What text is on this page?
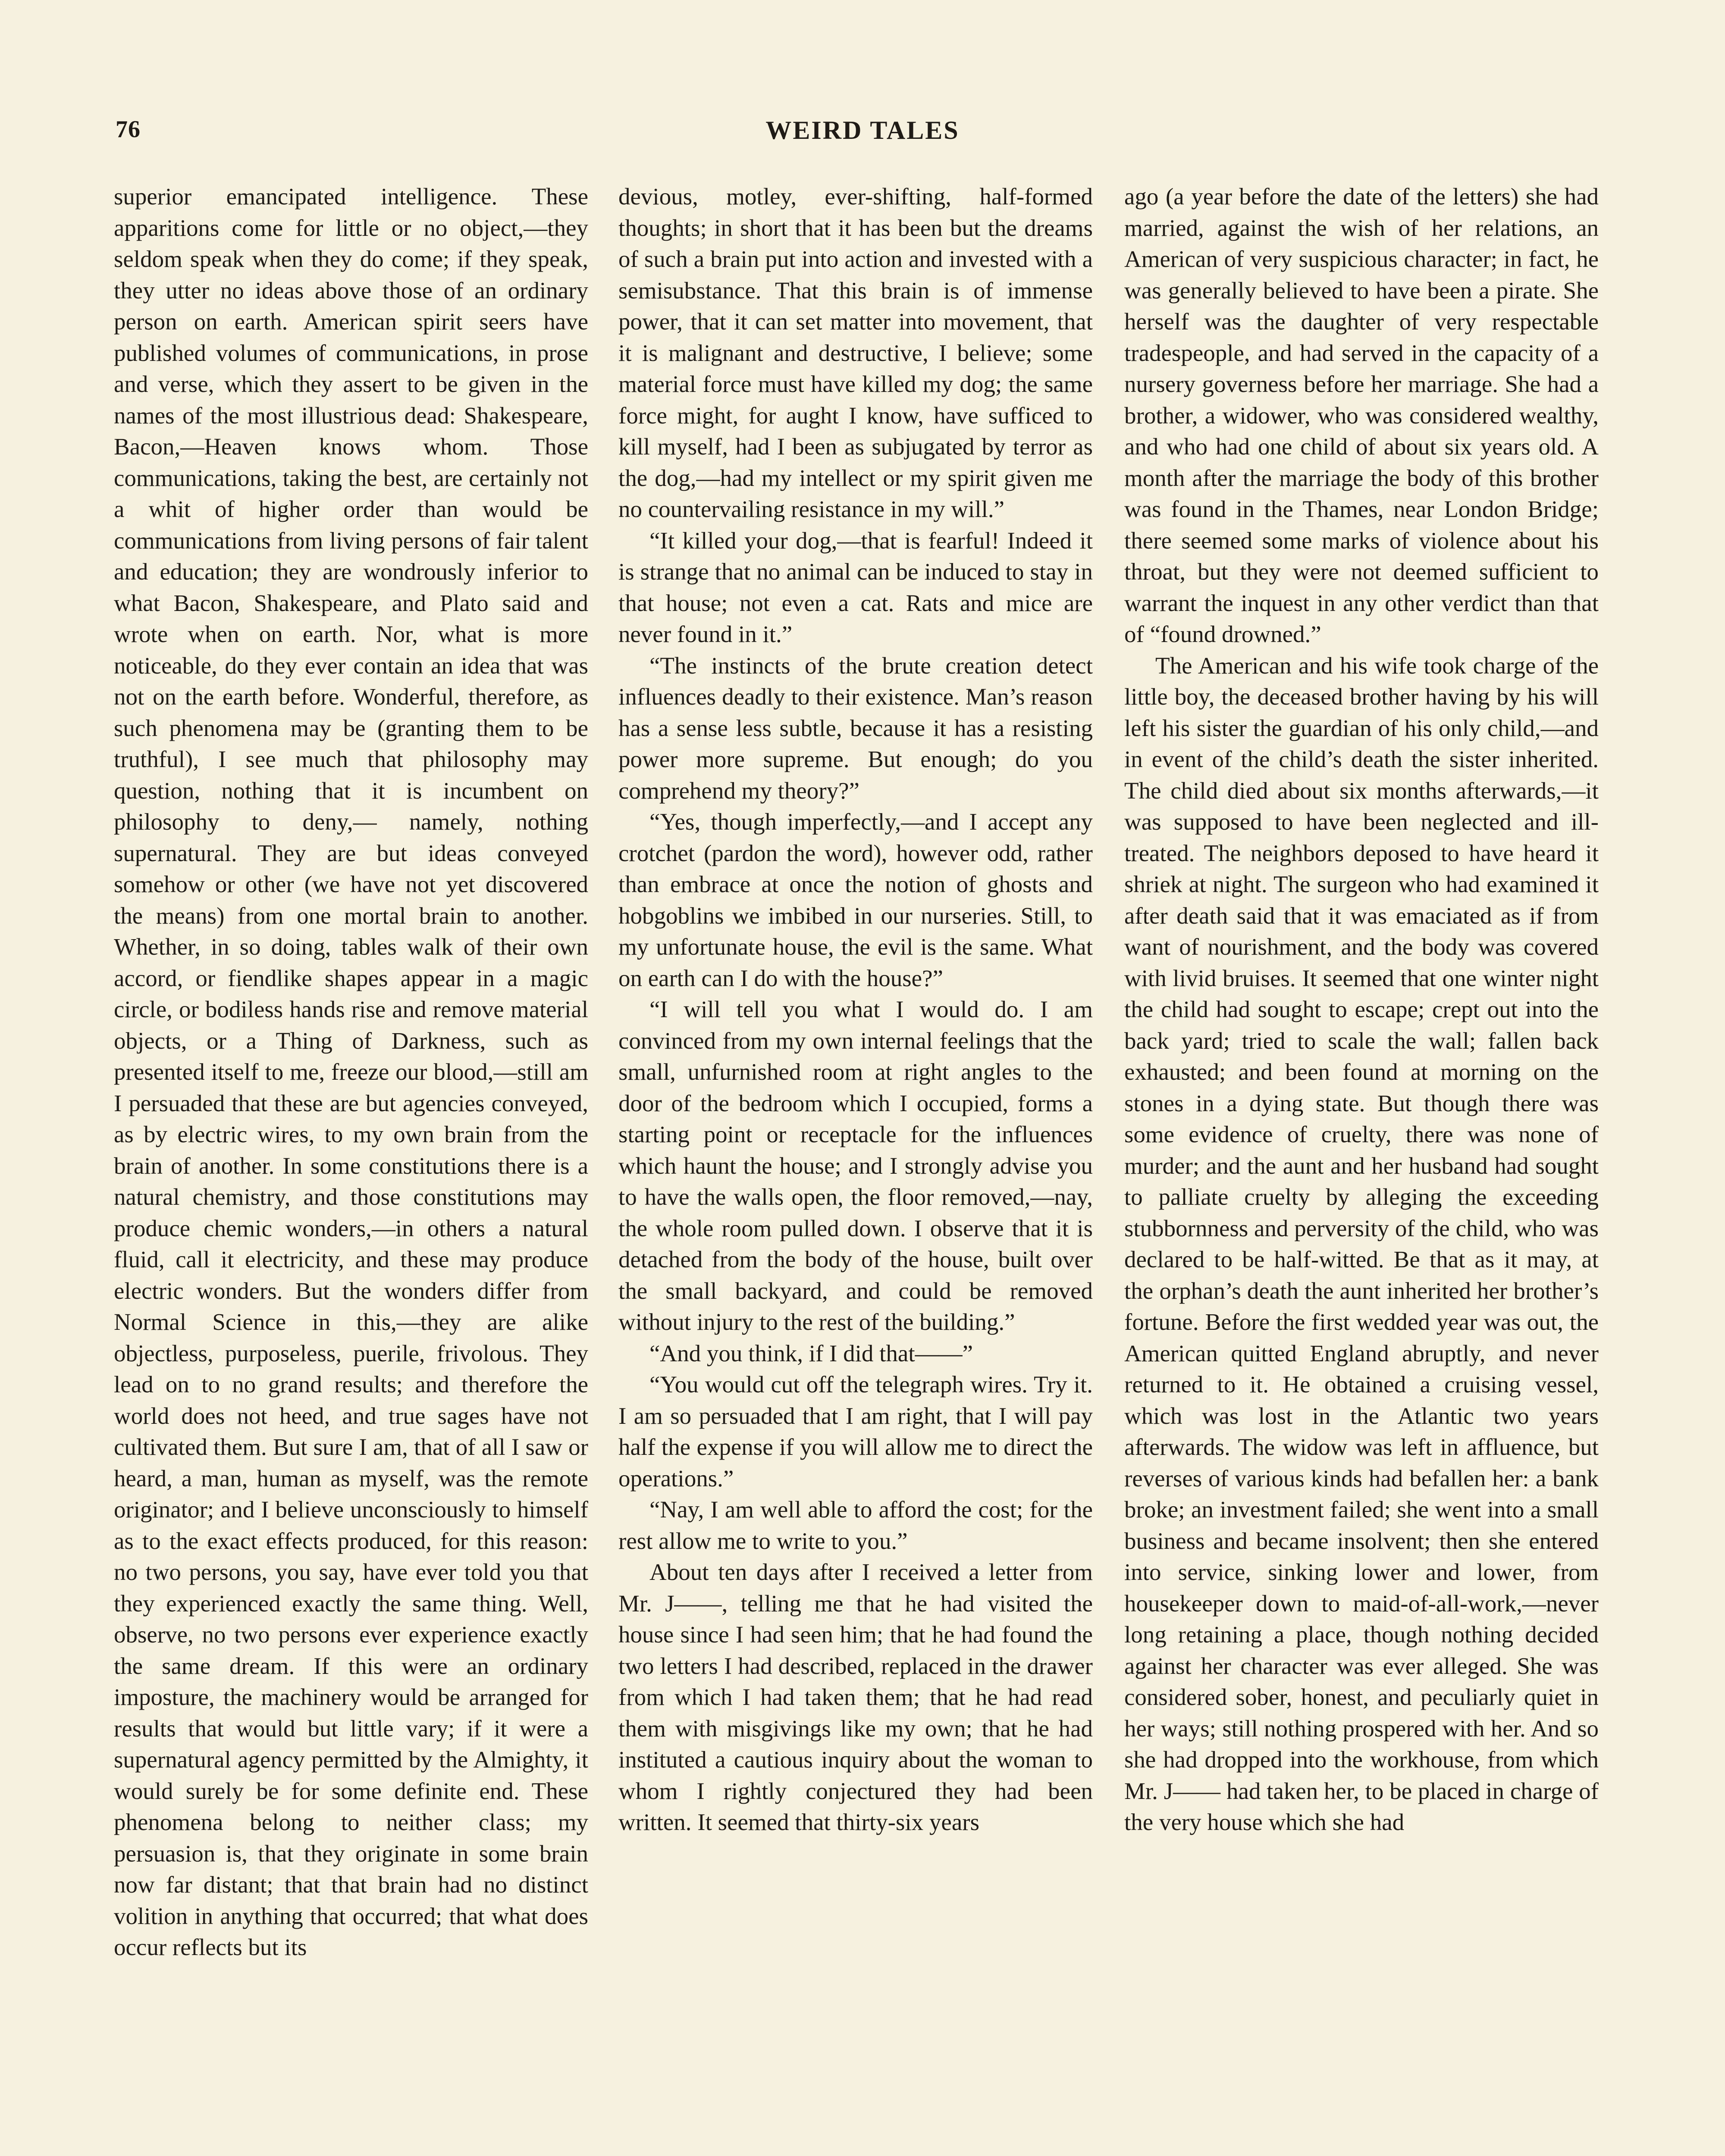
76	WEIRD TALES

superior emancipated intelligence. These apparitions come for little or no object,—they seldom speak when they do come; if they speak, they utter no ideas above those of an ordinary person on earth. American spirit seers have published volumes of communications, in prose and verse, which they assert to be given in the names of the most illustrious dead: Shakespeare, Bacon,—Heaven knows whom. Those communications, taking the best, are certainly not a whit of higher order than would be communications from living persons of fair talent and education; they are wondrously inferior to what Bacon, Shakespeare, and Plato said and wrote when on earth. Nor, what is more noticeable, do they ever contain an idea that was not on the earth before. Wonderful, therefore, as such phenomena may be (granting them to be truthful), I see much that philosophy may question, nothing that it is incumbent on philosophy to deny,— namely, nothing supernatural. They are but ideas conveyed somehow or other (we have not yet discovered the means) from one mortal brain to another. Whether, in so doing, tables walk of their own accord, or fiendlike shapes appear in a magic circle, or bodiless hands rise and remove material objects, or a Thing of Darkness, such as presented itself to me, freeze our blood,—still am I persuaded that these are but agencies conveyed, as by electric wires, to my own brain from the brain of another. In some constitutions there is a natural chemistry, and those constitutions may produce chemic wonders,—in others a natural fluid, call it electricity, and these may produce electric wonders. But the wonders differ from Normal Science in this,—they are alike objectless, purposeless, puerile, frivolous. They lead on to no grand results; and therefore the world does not heed, and true sages have not cultivated them. But sure I am, that of all I saw or heard, a man, human as myself, was the remote originator; and I believe unconsciously to himself as to the exact effects produced, for this reason: no two persons, you say, have ever told you that they experienced exactly the same thing. Well, observe, no two persons ever experience exactly the same dream. If this were an ordinary imposture, the machinery would be arranged for results that would but little vary; if it were a supernatural agency permitted by the Almighty, it would surely be for some definite end. These phenomena belong to neither class; my persuasion is, that they originate in some brain now far distant; that that brain had no distinct volition in anything that occurred; that what does occur reflects but its

devious, motley, ever-shifting, half-formed thoughts; in short that it has been but the dreams of such a brain put into action and invested with a semisubstance. That this brain is of immense power, that it can set matter into movement, that it is malignant and destructive, I believe; some material force must have killed my dog; the same force might, for aught I know, have sufficed to kill myself, had I been as subjugated by terror as the dog,—had my intellect or my spirit given me no countervailing resistance in my will.”

“It killed your dog,—that is fearful! Indeed it is strange that no animal can be induced to stay in that house; not even a cat. Rats and mice are never found in it.”

“The instincts of the brute creation detect influences deadly to their existence. Man’s reason has a sense less subtle, because it has a resisting power more supreme. But enough; do you comprehend my theory?”

“Yes, though imperfectly,—and I accept any crotchet (pardon the word), however odd, rather than embrace at once the notion of ghosts and hobgoblins we imbibed in our nurseries. Still, to my unfortunate house, the evil is the same. What on earth can I do with the house?”

“I will tell you what I would do. I am convinced from my own internal feelings that the small, unfurnished room at right angles to the door of the bedroom which I occupied, forms a starting point or receptacle for the influences which haunt the house; and I strongly advise you to have the walls open, the floor removed,—nay, the whole room pulled down. I observe that it is detached from the body of the house, built over the small backyard, and could be removed without injury to the rest of the building.”

“And you think, if I did that——”

“You would cut off the telegraph wires. Try it. I am so persuaded that I am right, that I will pay half the expense if you will allow me to direct the operations.”

“Nay, I am well able to afford the cost; for the rest allow me to write to you.”

About ten days after I received a letter from Mr. J——, telling me that he had visited the house since I had seen him; that he had found the two letters I had described, replaced in the drawer from which I had taken them; that he had read them with misgivings like my own; that he had instituted a cautious inquiry about the woman to whom I rightly conjectured they had been written. It seemed that thirty-six years

ago (a year before the date of the letters) she had married, against the wish of her relations, an American of very suspicious character; in fact, he was generally believed to have been a pirate. She herself was the daughter of very respectable tradespeople, and had served in the capacity of a nursery governess before her marriage. She had a brother, a widower, who was considered wealthy, and who had one child of about six years old. A month after the marriage the body of this brother was found in the Thames, near London Bridge; there seemed some marks of violence about his throat, but they were not deemed sufficient to warrant the inquest in any other verdict than that of “found drowned.”

The American and his wife took charge of the little boy, the deceased brother having by his will left his sister the guardian of his only child,—and in event of the child’s death the sister inherited. The child died about six months afterwards,—it was supposed to have been neglected and ill-treated. The neighbors deposed to have heard it shriek at night. The surgeon who had examined it after death said that it was emaciated as if from want of nourishment, and the body was covered with livid bruises. It seemed that one winter night the child had sought to escape; crept out into the back yard; tried to scale the wall; fallen back exhausted; and been found at morning on the stones in a dying state. But though there was some evidence of cruelty, there was none of murder; and the aunt and her husband had sought to palliate cruelty by alleging the exceeding stubbornness and perversity of the child, who was declared to be half-witted. Be that as it may, at the orphan’s death the aunt inherited her brother’s fortune. Before the first wedded year was out, the American quitted England abruptly, and never returned to it. He obtained a cruising vessel, which was lost in the Atlantic two years afterwards. The widow was left in affluence, but reverses of various kinds had befallen her: a bank broke; an investment failed; she went into a small business and became insolvent; then she entered into service, sinking lower and lower, from housekeeper down to maid-of-all-work,—never long retaining a place, though nothing decided against her character was ever alleged. She was considered sober, honest, and peculiarly quiet in her ways; still nothing prospered with her. And so she had dropped into the workhouse, from which Mr. J—— had taken her, to be placed in charge of the very house which she had
